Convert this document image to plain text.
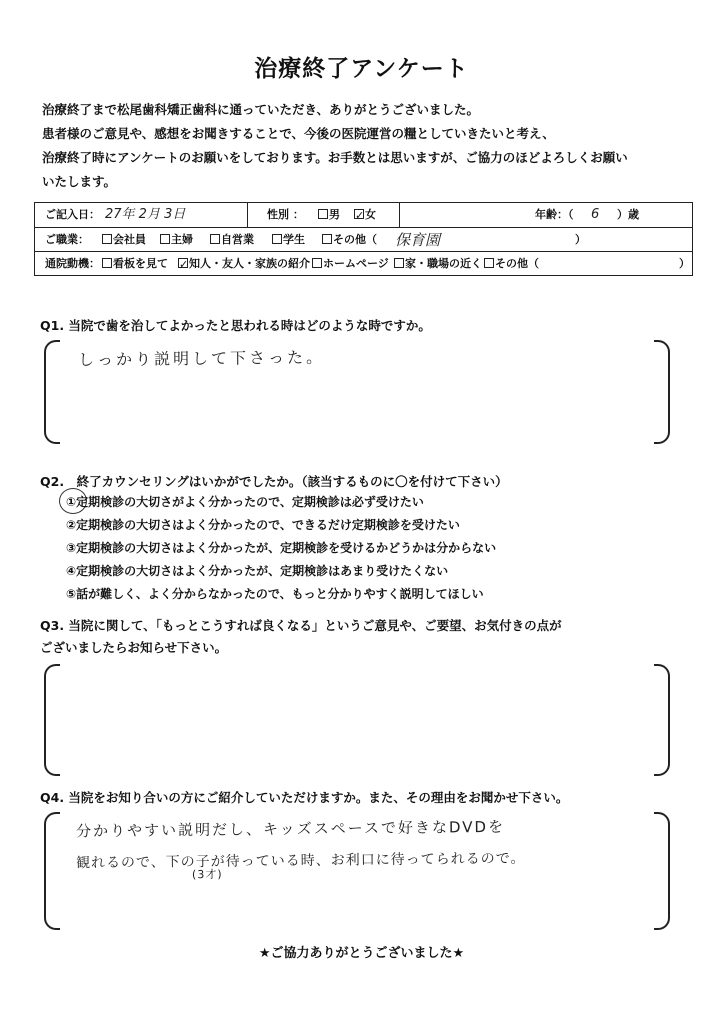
治療終了アンケート
治療終了まで松尾歯科矯正歯科に通っていただき、ありがとうございました。
患者様のご意見や、感想をお聞きすることで、今後の医院運営の糧としていきたいと考え、
治療終了時にアンケートのお願いをしております。お手数とは思いますが、ご協力のほどよろしくお願い
いたします。
ご記入日： 27年 2月 3日	性別 ：	男 ✓ 女	年齢：（ 6 ）歳
ご職業：	会社員	主婦	自営業	学生	その他（ 保育園	）
通院動機：	看板を見て ✓ 知人・友人・家族の紹介	ホームページ	家・職場の近く	その他（	）
Q1. 当院で歯を治してよかったと思われる時はどのような時ですか。
しっかり説明して下さった。
Q2.　終了カウンセリングはいかがでしたか。（該当するものに〇を付けて下さい）
①定期検診の大切さがよく分かったので、定期検診は必ず受けたい
②定期検診の大切さはよく分かったので、できるだけ定期検診を受けたい
③定期検診の大切さはよく分かったが、定期検診を受けるかどうかは分からない
④定期検診の大切さはよく分かったが、定期検診はあまり受けたくない
⑤話が難しく、よく分からなかったので、もっと分かりやすく説明してほしい
Q3. 当院に関して、「もっとこうすれば良くなる」というご意見や、ご要望、お気付きの点が
ございましたらお知らせ下さい。
Q4. 当院をお知り合いの方にご紹介していただけますか。また、その理由をお聞かせ下さい。
分かりやすい説明だし、キッズスペースで好きなDVDを
観れるので、下の子が待っている時、お利口に待ってられるので。
(3才)
★ご協力ありがとうございました★
